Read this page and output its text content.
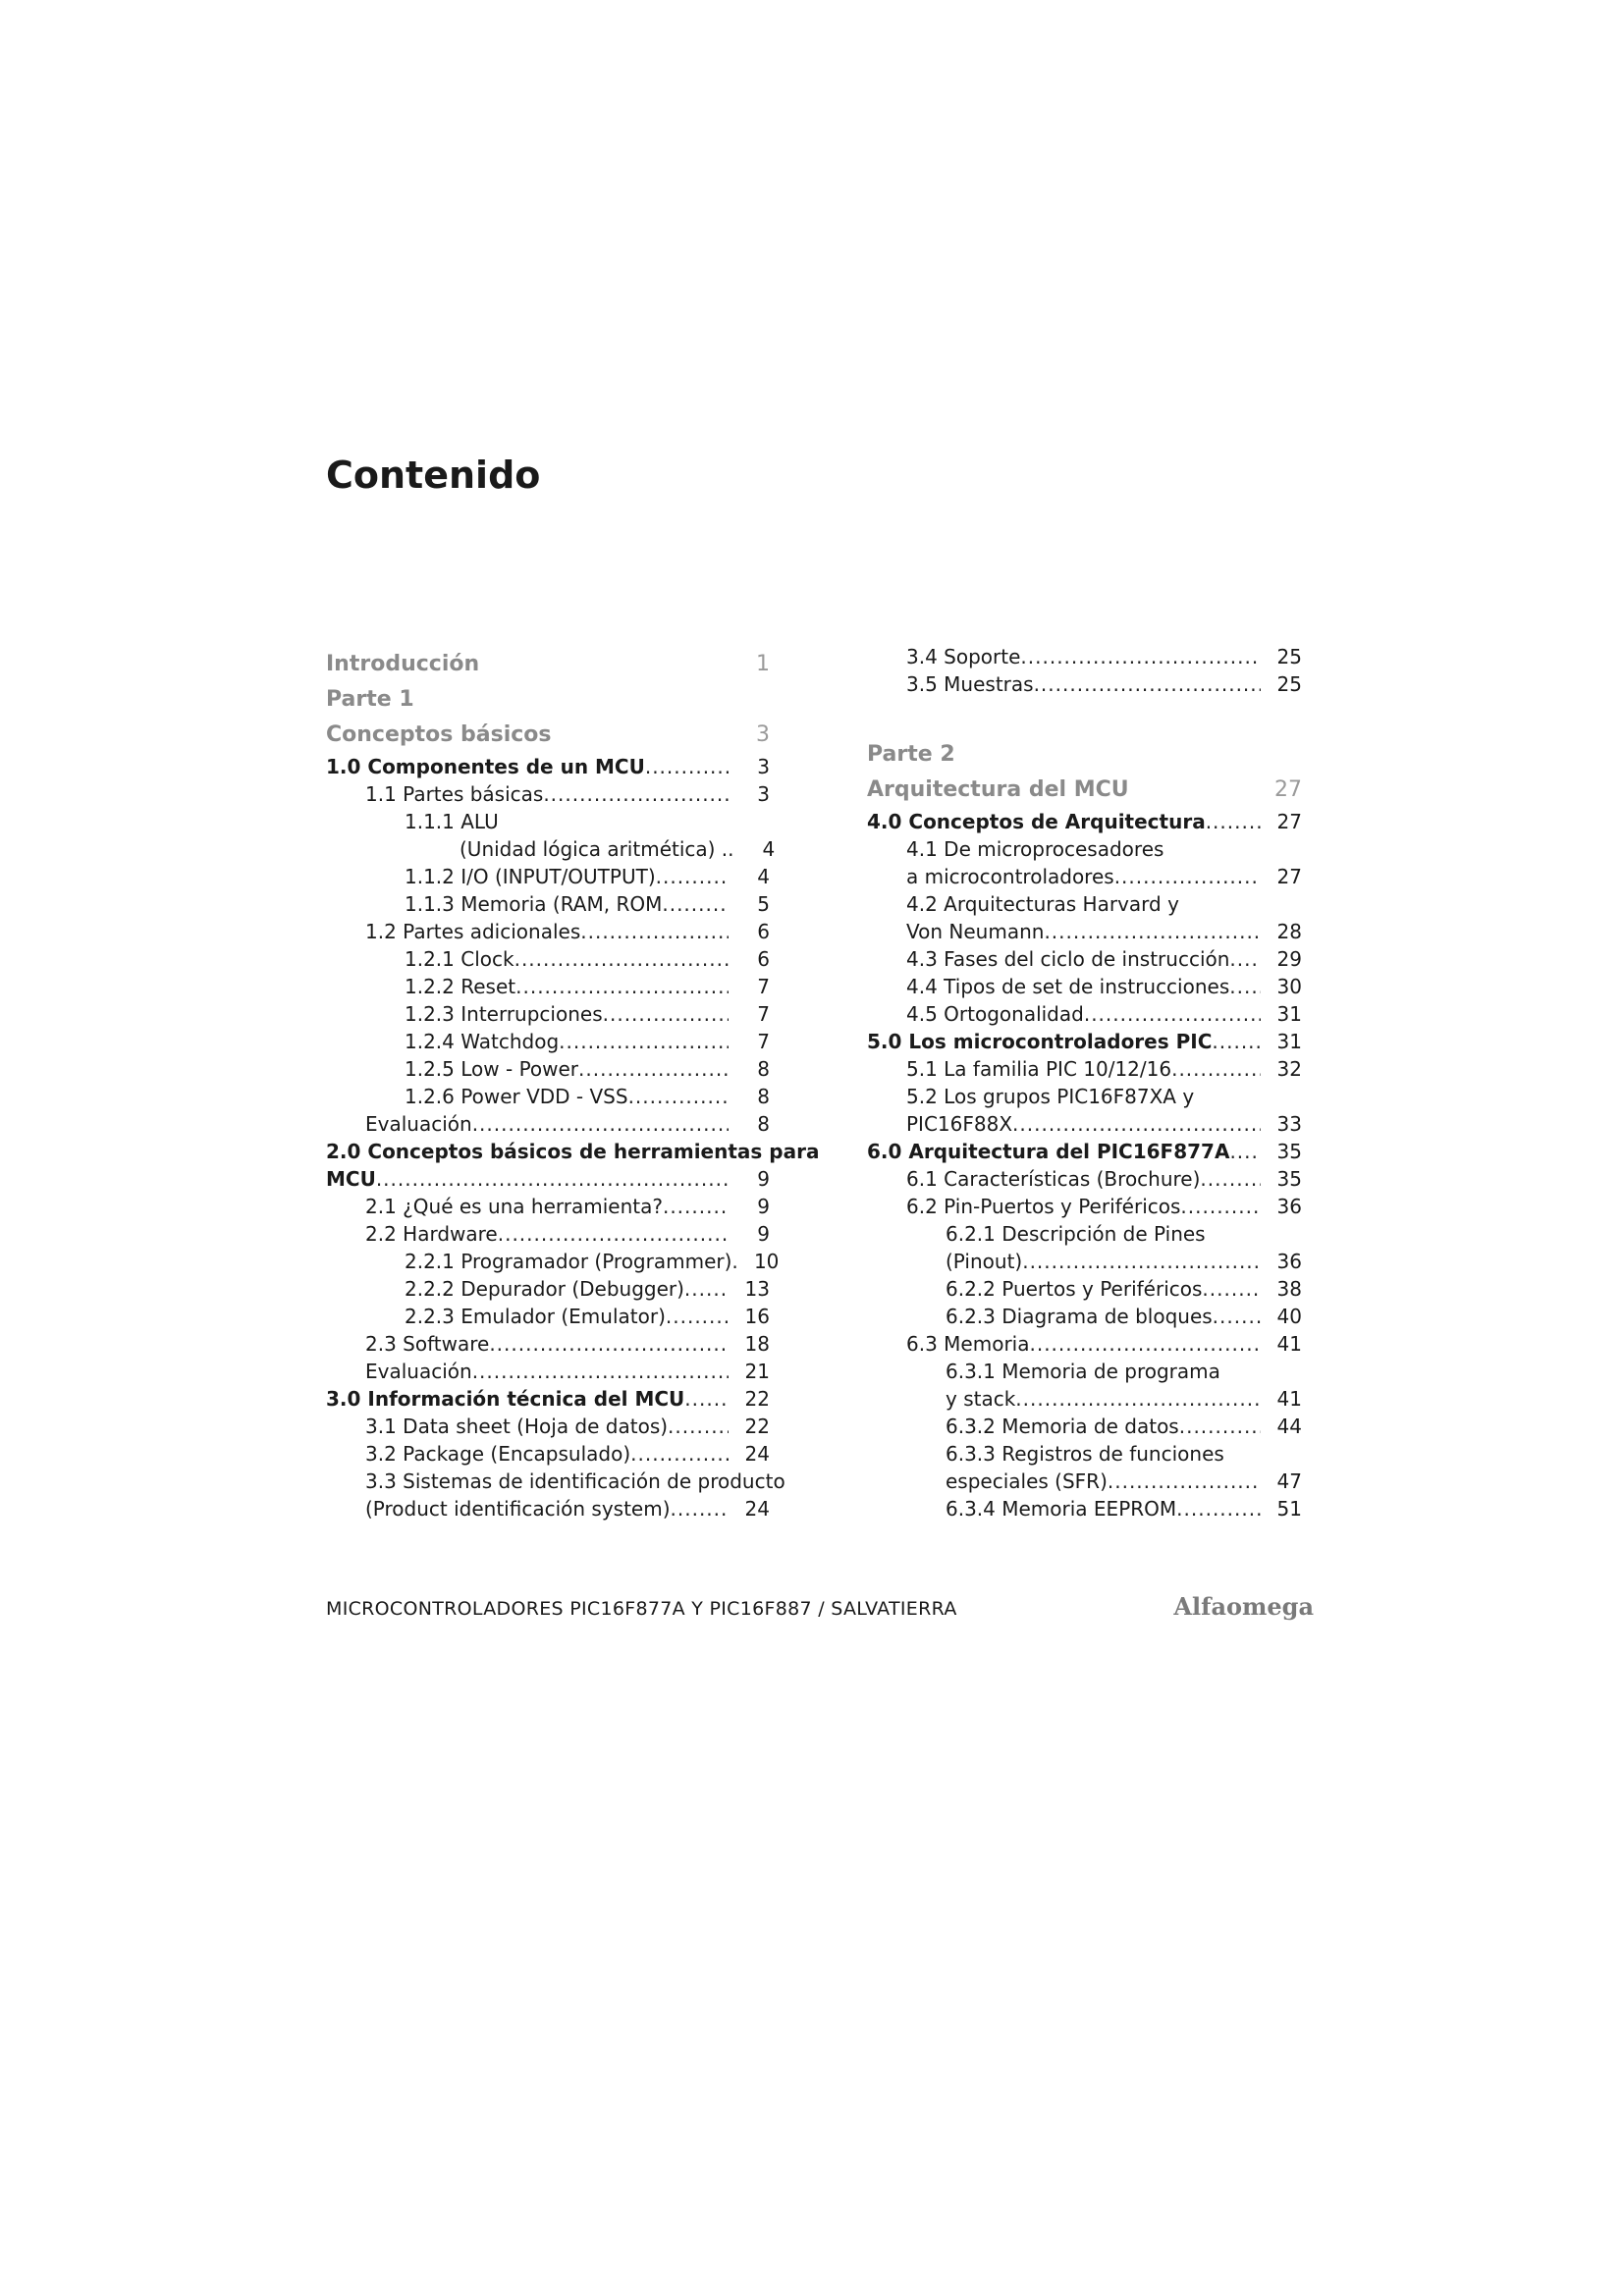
Contenido
Introducción	1
Parte 1
Conceptos básicos	3
1.0 Componentes de un MCU .....	3
1.1 Partes básicas .....	3
1.1.1 ALU
(Unidad lógica aritmética) . .....	4
1.1.2 I/O (INPUT/OUTPUT) .....	4
1.1.3 Memoria (RAM, ROM .....	5
1.2 Partes adicionales .....	6
1.2.1 Clock .....	6
1.2.2 Reset .....	7
1.2.3 Interrupciones .....	7
1.2.4 Watchdog .....	7
1.2.5 Low - Power .....	8
1.2.6 Power VDD - VSS .....	8
Evaluación .....	8
2.0 Conceptos básicos de herramientas para
MCU .....	9
2.1 ¿Qué es una herramienta? .....	9
2.2 Hardware .....	9
2.2.1 Programador (Programmer) .....	10
2.2.2 Depurador (Debugger) .....	13
2.2.3 Emulador (Emulator) .....	16
2.3 Software .....	18
Evaluación .....	21
3.0 Información técnica del MCU .....	22
3.1 Data sheet (Hoja de datos) .....	22
3.2 Package (Encapsulado) .....	24
3.3 Sistemas de identificación de producto
(Product identificación system) .....	24
3.4 Soporte .....	25
3.5 Muestras .....	25
Parte 2
Arquitectura del MCU	27
4.0 Conceptos de Arquitectura .....	27
4.1 De microprocesadores
a microcontroladores .....	27
4.2 Arquitecturas Harvard y
Von Neumann .....	28
4.3 Fases del ciclo de instrucción .....	29
4.4 Tipos de set de instrucciones .....	30
4.5 Ortogonalidad .....	31
5.0 Los microcontroladores PIC .....	31
5.1 La familia PIC 10/12/16 .....	32
5.2 Los grupos PIC16F87XA y
PIC16F88X .....	33
6.0 Arquitectura del PIC16F877A .....	35
6.1 Características (Brochure) .....	35
6.2 Pin-Puertos y Periféricos .....	36
6.2.1 Descripción de Pines
(Pinout) .....	36
6.2.2 Puertos y Periféricos .....	38
6.2.3 Diagrama de bloques .....	40
6.3 Memoria .....	41
6.3.1 Memoria de programa
y stack .....	41
6.3.2 Memoria de datos .....	44
6.3.3 Registros de funciones
especiales (SFR) .....	47
6.3.4 Memoria EEPROM .....	51
MICROCONTROLADORES PIC16F877A Y PIC16F887 / SALVATIERRA	Alfaomega
